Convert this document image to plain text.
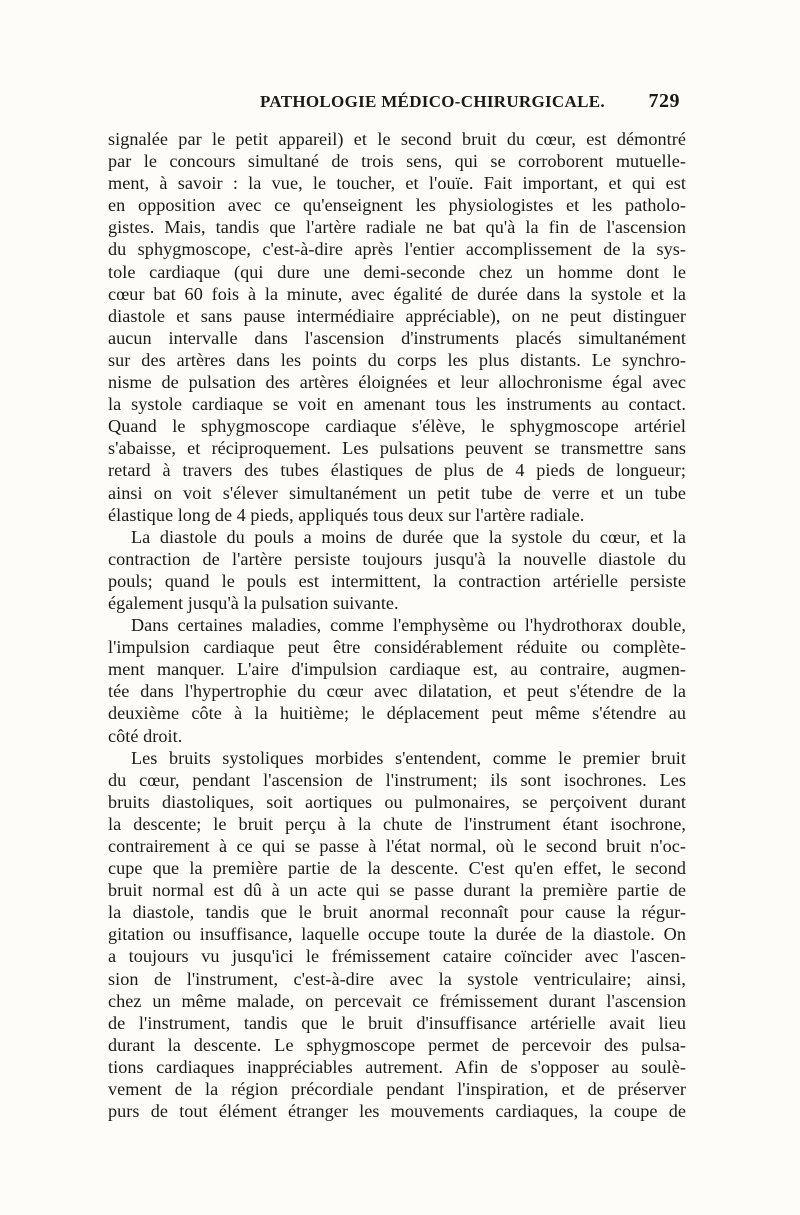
PATHOLOGIE MÉDICO-CHIRURGICALE. 729
signalée par le petit appareil) et le second bruit du cœur, est démontré
par le concours simultané de trois sens, qui se corroborent mutuelle-
ment, à savoir : la vue, le toucher, et l'ouïe. Fait important, et qui est
en opposition avec ce qu'enseignent les physiologistes et les patholo-
gistes. Mais, tandis que l'artère radiale ne bat qu'à la fin de l'ascension
du sphygmoscope, c'est-à-dire après l'entier accomplissement de la sys-
tole cardiaque (qui dure une demi-seconde chez un homme dont le
cœur bat 60 fois à la minute, avec égalité de durée dans la systole et la
diastole et sans pause intermédiaire appréciable), on ne peut distinguer
aucun intervalle dans l'ascension d'instruments placés simultanément
sur des artères dans les points du corps les plus distants. Le synchro-
nisme de pulsation des artères éloignées et leur allochronisme égal avec
la systole cardiaque se voit en amenant tous les instruments au contact.
Quand le sphygmoscope cardiaque s'élève, le sphygmoscope artériel
s'abaisse, et réciproquement. Les pulsations peuvent se transmettre sans
retard à travers des tubes élastiques de plus de 4 pieds de longueur;
ainsi on voit s'élever simultanément un petit tube de verre et un tube
élastique long de 4 pieds, appliqués tous deux sur l'artère radiale.
La diastole du pouls a moins de durée que la systole du cœur, et la
contraction de l'artère persiste toujours jusqu'à la nouvelle diastole du
pouls; quand le pouls est intermittent, la contraction artérielle persiste
également jusqu'à la pulsation suivante.
Dans certaines maladies, comme l'emphysème ou l'hydrothorax double,
l'impulsion cardiaque peut être considérablement réduite ou complète-
ment manquer. L'aire d'impulsion cardiaque est, au contraire, augmen-
tée dans l'hypertrophie du cœur avec dilatation, et peut s'étendre de la
deuxième côte à la huitième; le déplacement peut même s'étendre au
côté droit.
Les bruits systoliques morbides s'entendent, comme le premier bruit
du cœur, pendant l'ascension de l'instrument; ils sont isochrones. Les
bruits diastoliques, soit aortiques ou pulmonaires, se perçoivent durant
la descente; le bruit perçu à la chute de l'instrument étant isochrone,
contrairement à ce qui se passe à l'état normal, où le second bruit n'oc-
cupe que la première partie de la descente. C'est qu'en effet, le second
bruit normal est dû à un acte qui se passe durant la première partie de
la diastole, tandis que le bruit anormal reconnaît pour cause la régur-
gitation ou insuffisance, laquelle occupe toute la durée de la diastole. On
a toujours vu jusqu'ici le frémissement cataire coïncider avec l'ascen-
sion de l'instrument, c'est-à-dire avec la systole ventriculaire; ainsi,
chez un même malade, on percevait ce frémissement durant l'ascension
de l'instrument, tandis que le bruit d'insuffisance artérielle avait lieu
durant la descente. Le sphygmoscope permet de percevoir des pulsa-
tions cardiaques inappréciables autrement. Afin de s'opposer au soulè-
vement de la région précordiale pendant l'inspiration, et de préserver
purs de tout élément étranger les mouvements cardiaques, la coupe de
